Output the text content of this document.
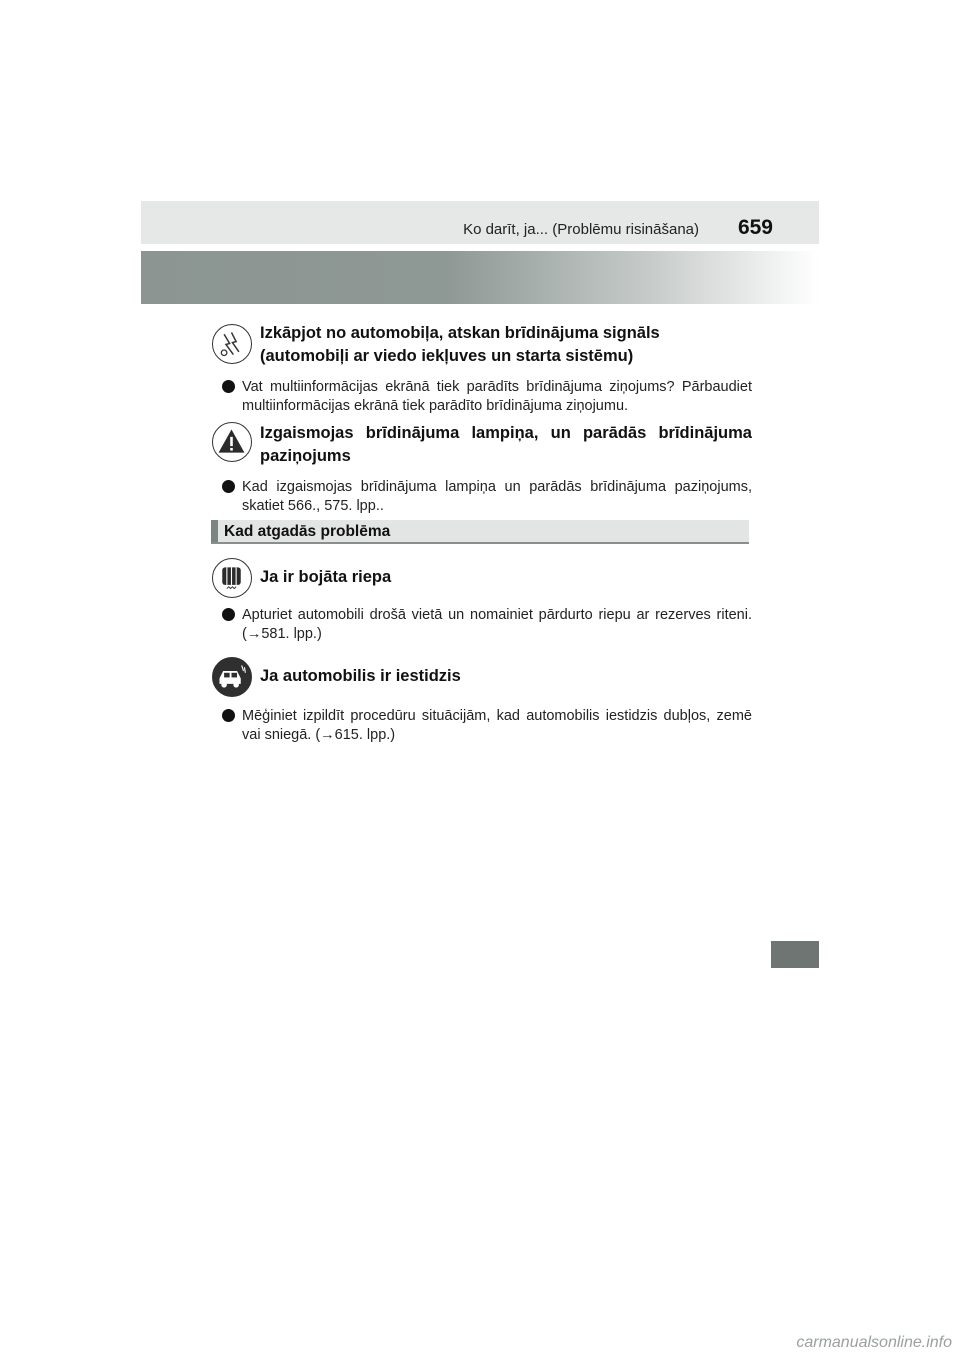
Ko darīt, ja... (Problēmu risināšana) 659
Izkāpjot no automobiļa, atskan brīdinājuma signāls
(automobiļi ar viedo iekļuves un starta sistēmu)
Vat multiinformācijas ekrānā tiek parādīts brīdinājuma ziņojums? Pārbaudiet multiinformācijas ekrānā tiek parādīto brīdinājuma ziņojumu.
Izgaismojas brīdinājuma lampiņa, un parādās brīdinājuma paziņojums
Kad izgaismojas brīdinājuma lampiņa un parādās brīdinājuma paziņojums, skatiet 566., 575. lpp..
Kad atgadās problēma
Ja ir bojāta riepa
Apturiet automobili drošā vietā un nomainiet pārdurto riepu ar rezerves riteni. (→581. lpp.)
Ja automobilis ir iestidzis
Mēģiniet izpildīt procedūru situācijām, kad automobilis iestidzis dubļos, zemē vai sniegā. (→615. lpp.)
carmanualsonline.info
